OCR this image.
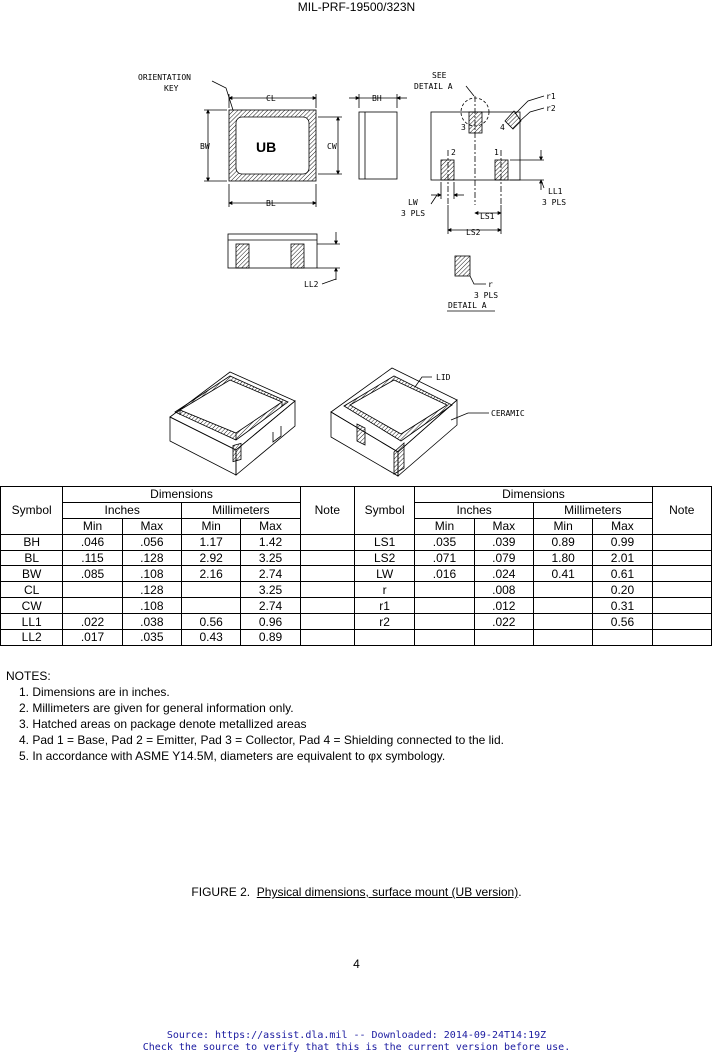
MIL-PRF-19500/323N
ORIENTATION
KEY
CL	BH
BW	CW
BL
UB
SEE
DETAIL A
r1
r2
3	4
2	1
LL1
3 PLS
LW
3 PLS	LS1
LS2
LL2	r
3 PLS
DETAIL A
LID
CERAMIC
Symbol	Dimensions				Note	Symbol	Dimensions				Note
	Inches		Millimeters				Inches		Millimeters		
	Min	Max	Min	Max			Min	Max	Min	Max	
BH	.046	.056	1.17	1.42		LS1	.035	.039	0.89	0.99	
BL	.115	.128	2.92	3.25		LS2	.071	.079	1.80	2.01	
BW	.085	.108	2.16	2.74		LW	.016	.024	0.41	0.61	
CL		.128		3.25		r		.008		0.20	
CW		.108		2.74		r1		.012		0.31	
LL1	.022	.038	0.56	0.96		r2		.022		0.56	
LL2	.017	.035	0.43	0.89							
NOTES:
1. Dimensions are in inches.
2. Millimeters are given for general information only.
3. Hatched areas on package denote metallized areas
4. Pad 1 = Base, Pad 2 = Emitter, Pad 3 = Collector, Pad 4 = Shielding connected to the lid.
5. In accordance with ASME Y14.5M, diameters are equivalent to φx symbology.
FIGURE 2. Physical dimensions, surface mount (UB version).
4
Source: https://assist.dla.mil -- Downloaded: 2014-09-24T14:19Z
Check the source to verify that this is the current version before use.
